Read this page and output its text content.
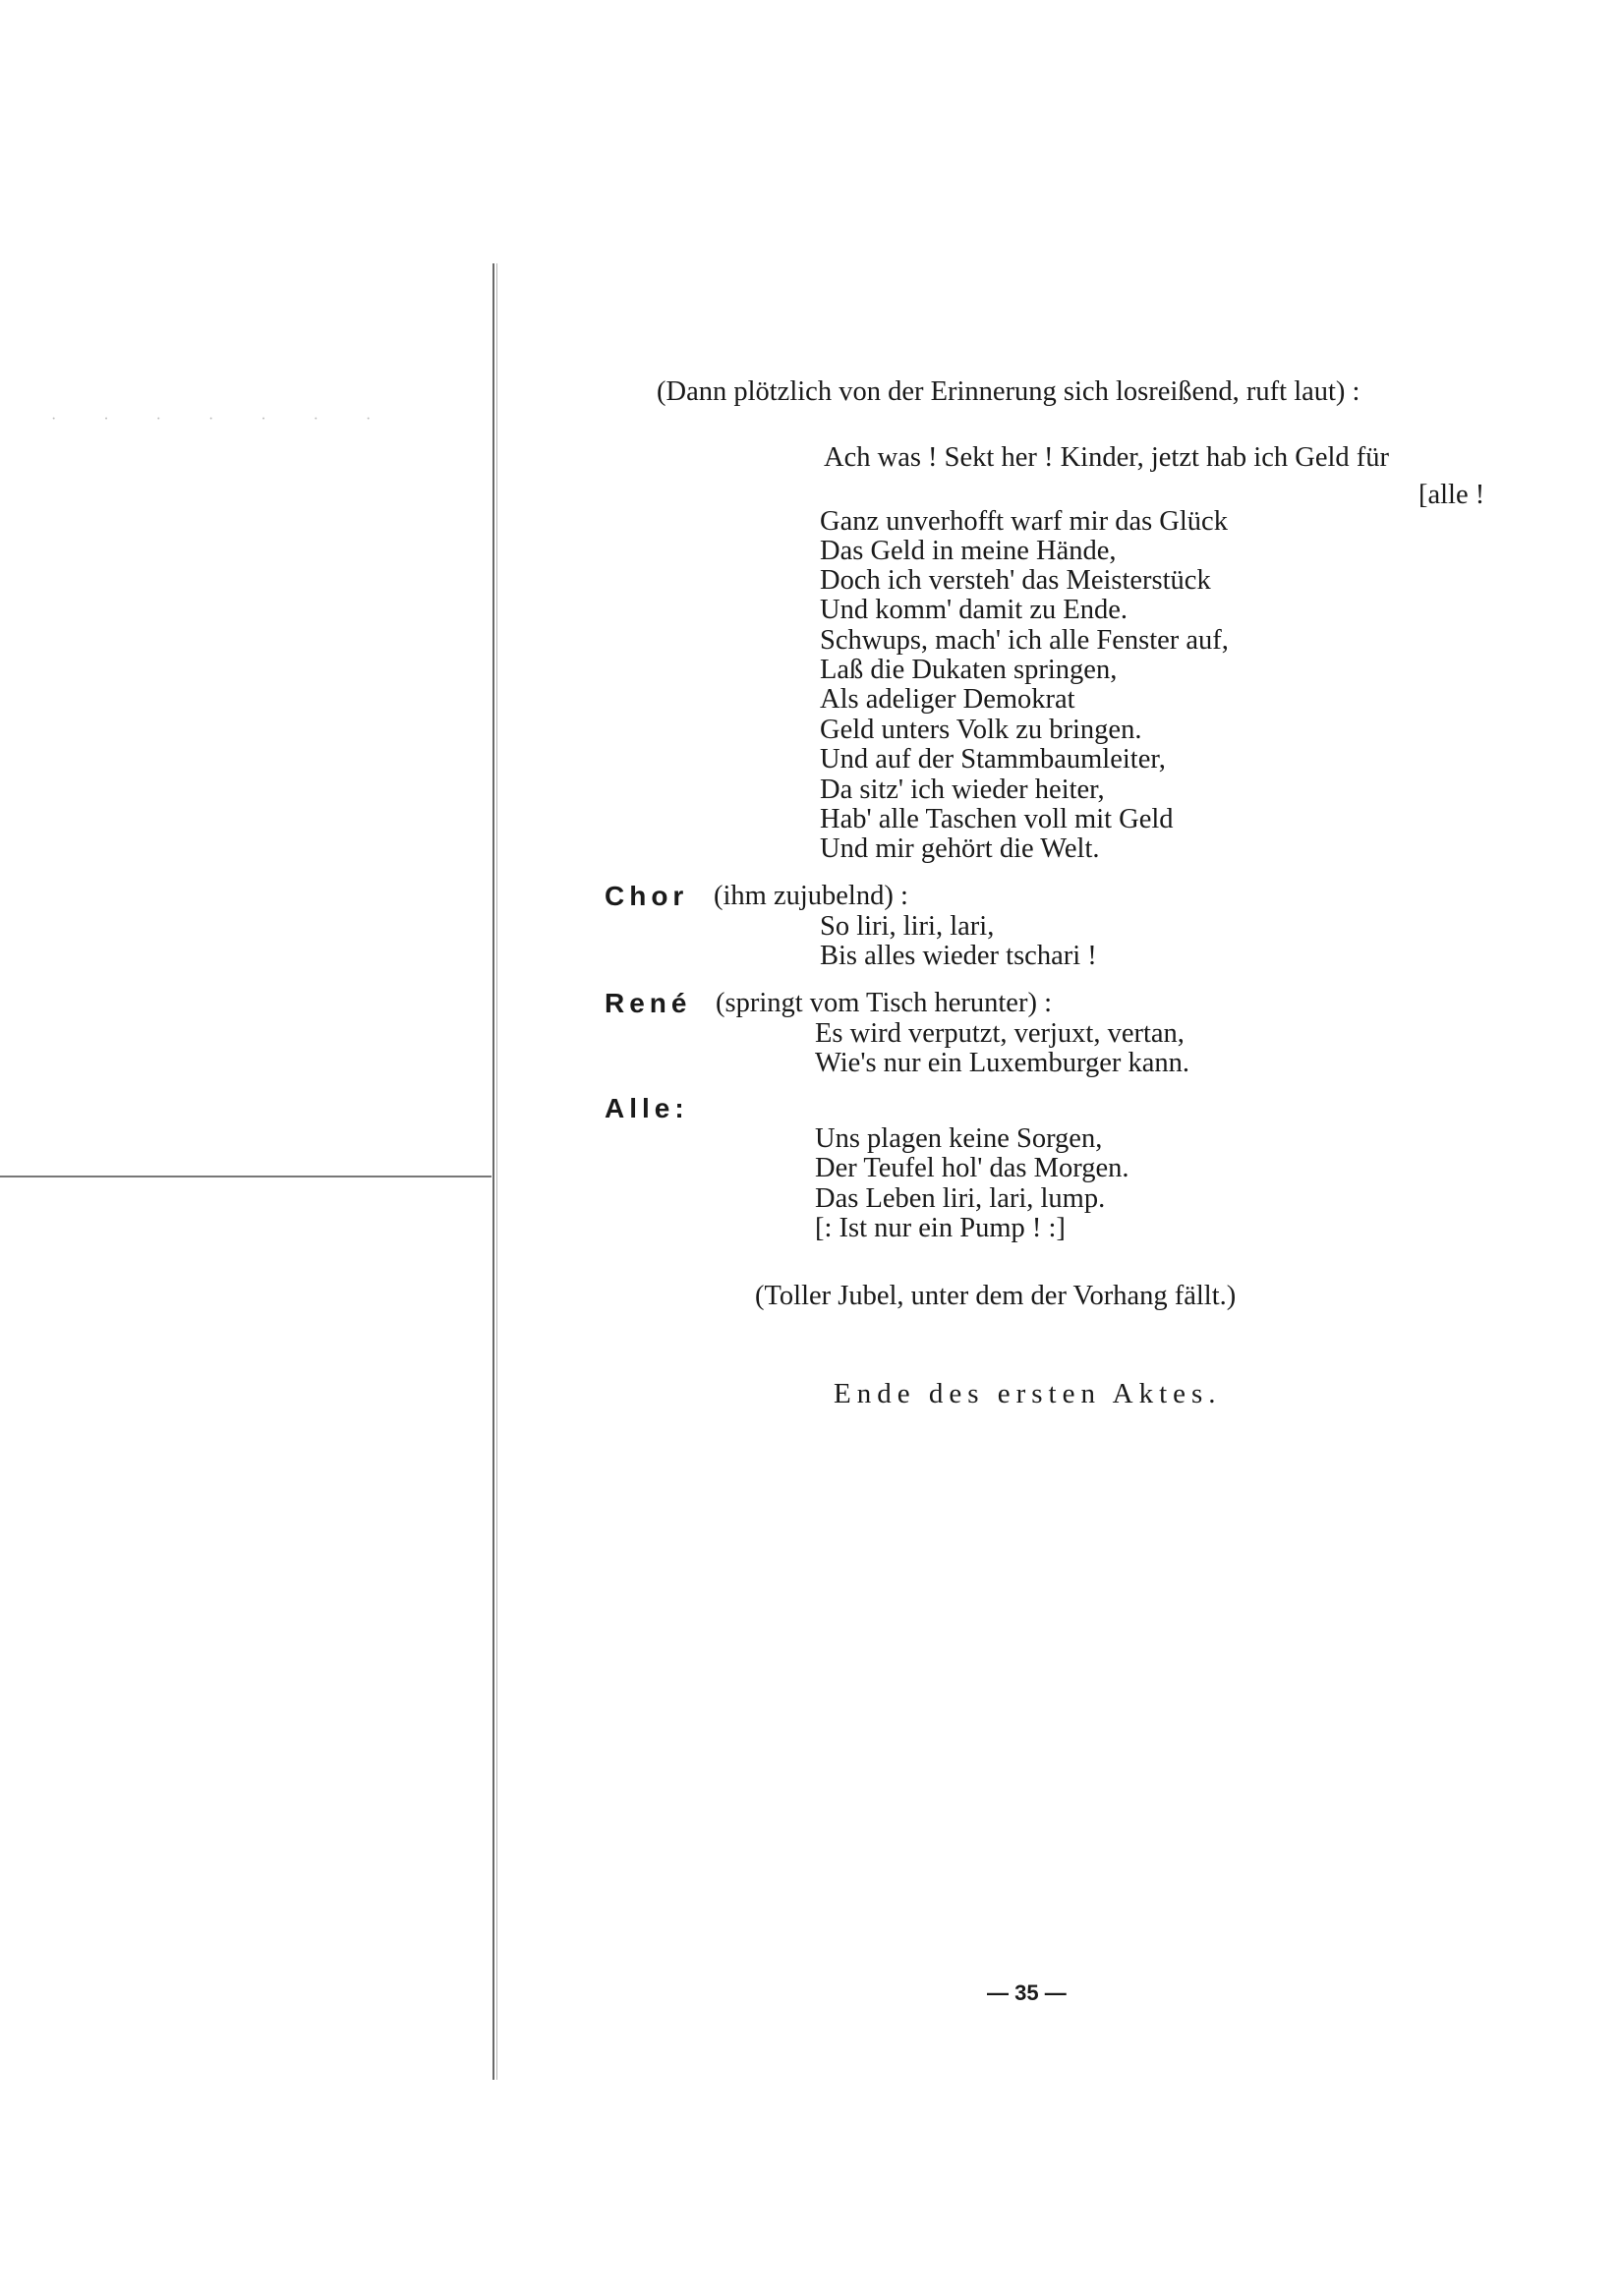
· · · · · · ·
(Dann plötzlich von der Erinnerung sich losreißend, ruft laut) :
Ach was ! Sekt her ! Kinder, jetzt hab ich Geld für
[alle !
Ganz unverhofft warf mir das Glück
Das Geld in meine Hände,
Doch ich versteh' das Meisterstück
Und komm' damit zu Ende.
Schwups, mach' ich alle Fenster auf,
Laß die Dukaten springen,
Als adeliger Demokrat
Geld unters Volk zu bringen.
Und auf der Stammbaumleiter,
Da sitz' ich wieder heiter,
Hab' alle Taschen voll mit Geld
Und mir gehört die Welt.
Chor (ihm zujubelnd) :
So liri, liri, lari,
Bis alles wieder tschari !
René (springt vom Tisch herunter) :
Es wird verputzt, verjuxt, vertan,
Wie's nur ein Luxemburger kann.
Alle:
Uns plagen keine Sorgen,
Der Teufel hol' das Morgen.
Das Leben liri, lari, lump.
[: Ist nur ein Pump ! :]
(Toller Jubel, unter dem der Vorhang fällt.)
Ende des ersten Aktes.
— 35 —
